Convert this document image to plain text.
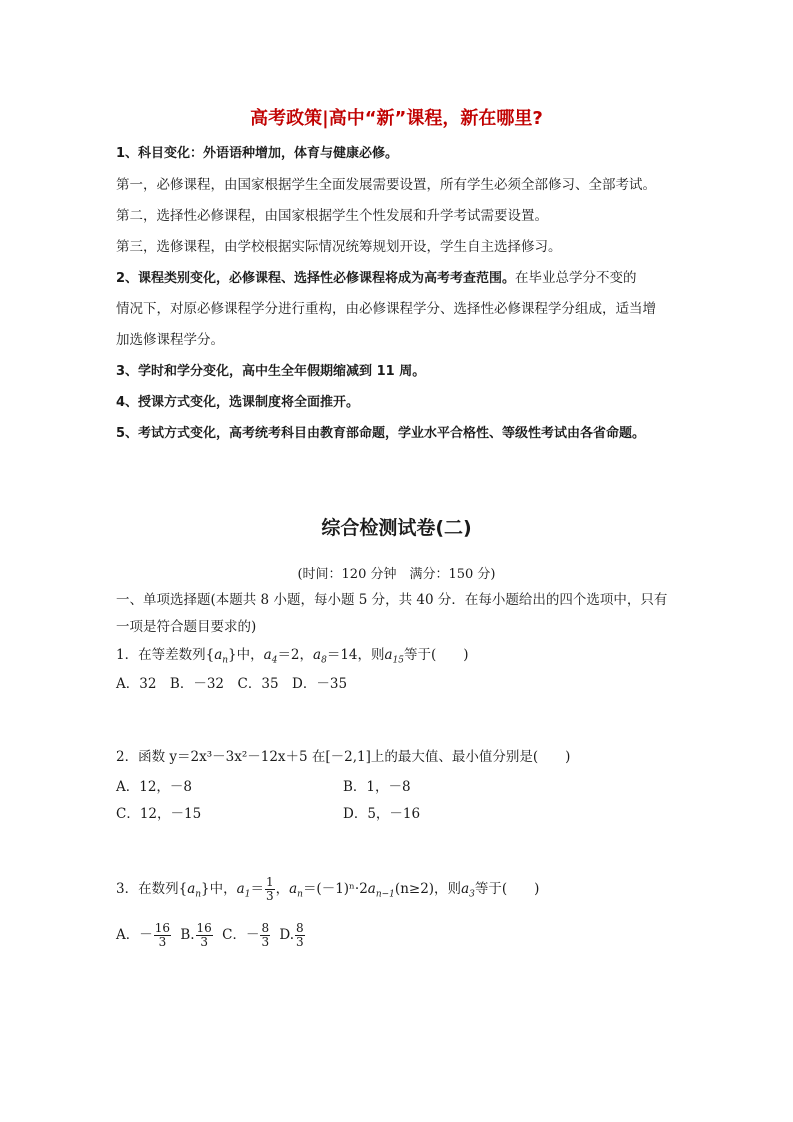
高考政策|高中“新”课程，新在哪里?
1、科目变化：外语语种增加，体育与健康必修。
第一，必修课程，由国家根据学生全面发展需要设置，所有学生必须全部修习、全部考试。
第二，选择性必修课程，由国家根据学生个性发展和升学考试需要设置。
第三，选修课程，由学校根据实际情况统筹规划开设，学生自主选择修习。
2、课程类别变化，必修课程、选择性必修课程将成为高考考查范围。在毕业总学分不变的
情况下，对原必修课程学分进行重构，由必修课程学分、选择性必修课程学分组成，适当增
加选修课程学分。
3、学时和学分变化，高中生全年假期缩减到 11 周。
4、授课方式变化，选课制度将全面推开。
5、考试方式变化，高考统考科目由教育部命题，学业水平合格性、等级性考试由各省命题。
综合检测试卷(二)
(时间：120 分钟　满分：150 分)
一、单项选择题(本题共 8 小题，每小题 5 分，共 40 分．在每小题给出的四个选项中，只有
一项是符合题目要求的)
1．在等差数列$\{a_n\}$中，$a_4=2$，$a_8=14$，则$a_{15}$等于(　　)
A．32　B．－32　C．35　D．－35
2．函数 y＝2x³－3x²－12x＋5 在[－2,1]上的最大值、最小值分别是(　　)
A．12，－8	B．1，－8
C．12，－15	D．5，－16
3．在数列$\{a_n\}$中，$a_1= \frac{1}{3}$ ，$a_n=(-1)^n\cdot 2a_{n-1}(n\ge 2)$，则$a_3$等于(　　)
A．－ $\frac{16}{3} B$. $\frac{16}{3}$ C．－ $\frac{8}{3} D$. $\frac{8}{3}$
